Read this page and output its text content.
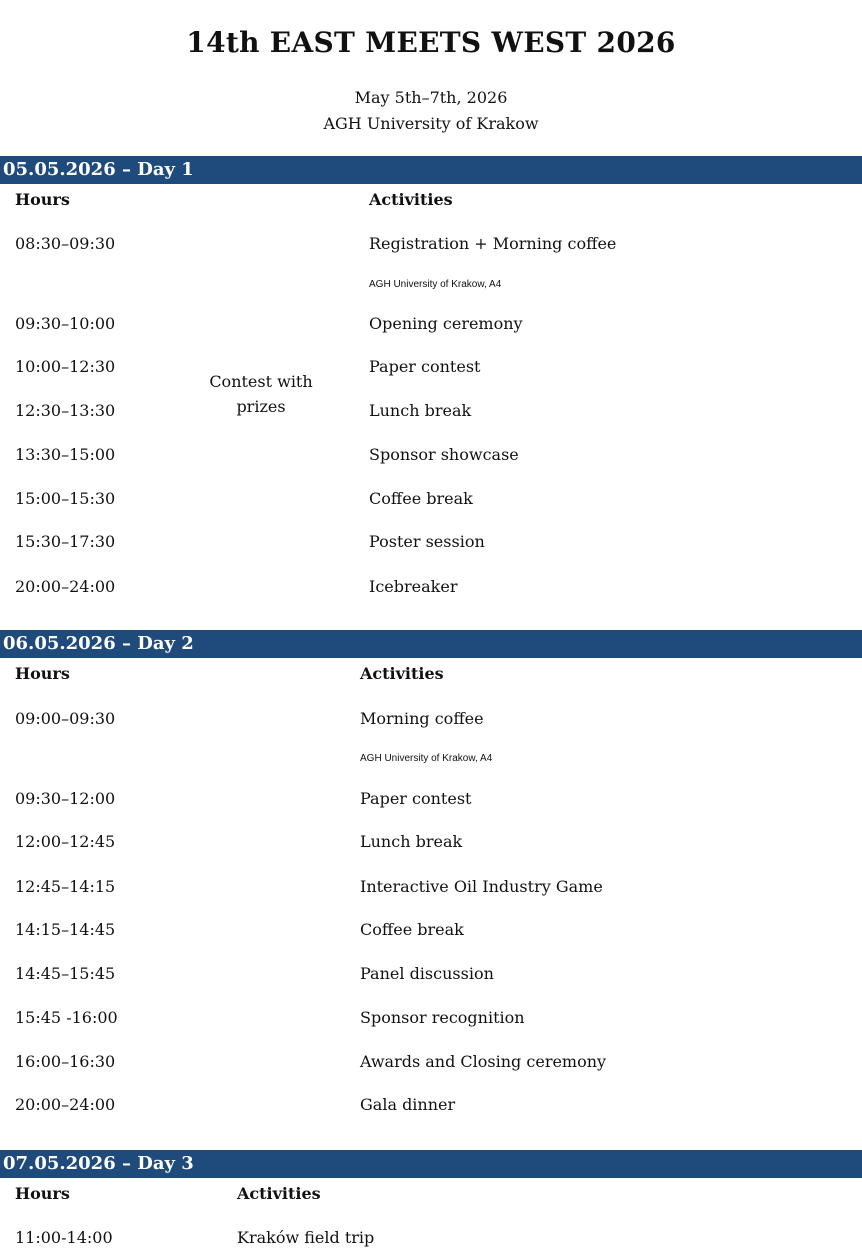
14th EAST MEETS WEST 2026
May 5th–7th, 2026
AGH University of Krakow
05.05.2026 – Day 1
Hours	Activities
08:30–09:30	Registration + Morning coffee
AGH University of Krakow, A4
09:30–10:00	Opening ceremony
10:00–12:30	Paper contest
Contest with prizes
12:30–13:30	Lunch break
13:30–15:00	Sponsor showcase
15:00–15:30	Coffee break
15:30–17:30	Poster session
20:00–24:00	Icebreaker
06.05.2026 – Day 2
Hours	Activities
09:00–09:30	Morning coffee
AGH University of Krakow, A4
09:30–12:00	Paper contest
12:00–12:45	Lunch break
12:45–14:15	Interactive Oil Industry Game
14:15–14:45	Coffee break
14:45–15:45	Panel discussion
15:45 -16:00	Sponsor recognition
16:00–16:30	Awards and Closing ceremony
20:00–24:00	Gala dinner
07.05.2026 – Day 3
Hours	Activities
11:00-14:00	Kraków field trip
